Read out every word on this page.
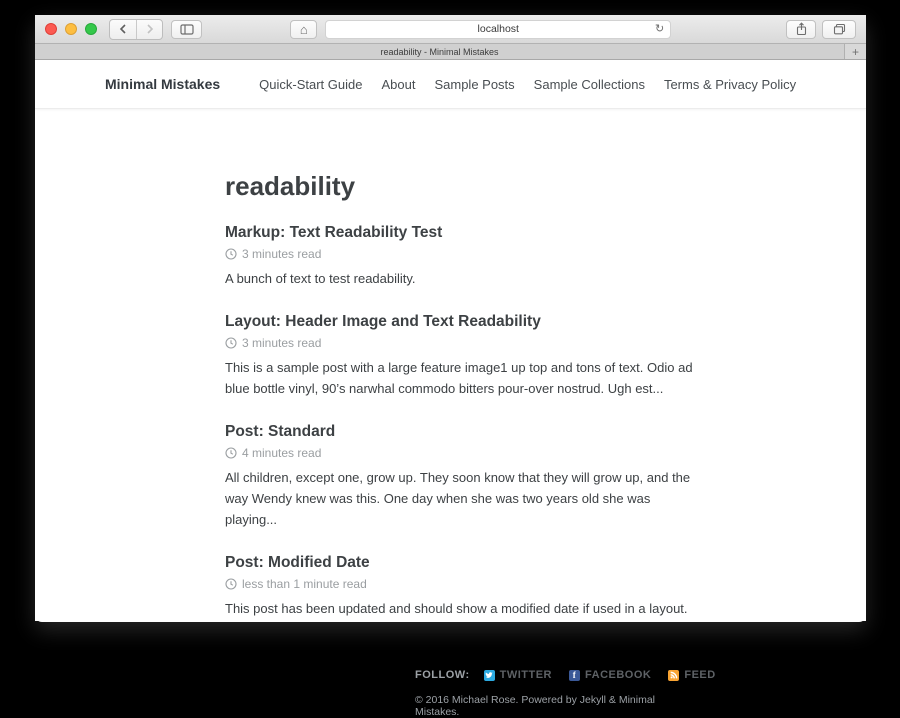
⌂	localhost	↻
readability - Minimal Mistakes	+
Minimal Mistakes	Quick-Start Guide About Sample Posts Sample Collections Terms & Privacy Policy
readability
Markup: Text Readability Test
3 minutes read

A bunch of text to test readability.

Layout: Header Image and Text Readability
3 minutes read

This is a sample post with a large feature image1 up top and tons of text. Odio ad blue bottle vinyl, 90’s narwhal commodo bitters pour-over nostrud. Ugh est...

Post: Standard
4 minutes read

All children, except one, grow up. They soon know that they will grow up, and the way Wendy knew was this. One day when she was two years old she was playing...

Post: Modified Date
less than 1 minute read

This post has been updated and should show a modified date if used in a layout.

FOLLOW:	TWITTER	f FACEBOOK	FEED
© 2016 Michael Rose. Powered by Jekyll & Minimal Mistakes.
